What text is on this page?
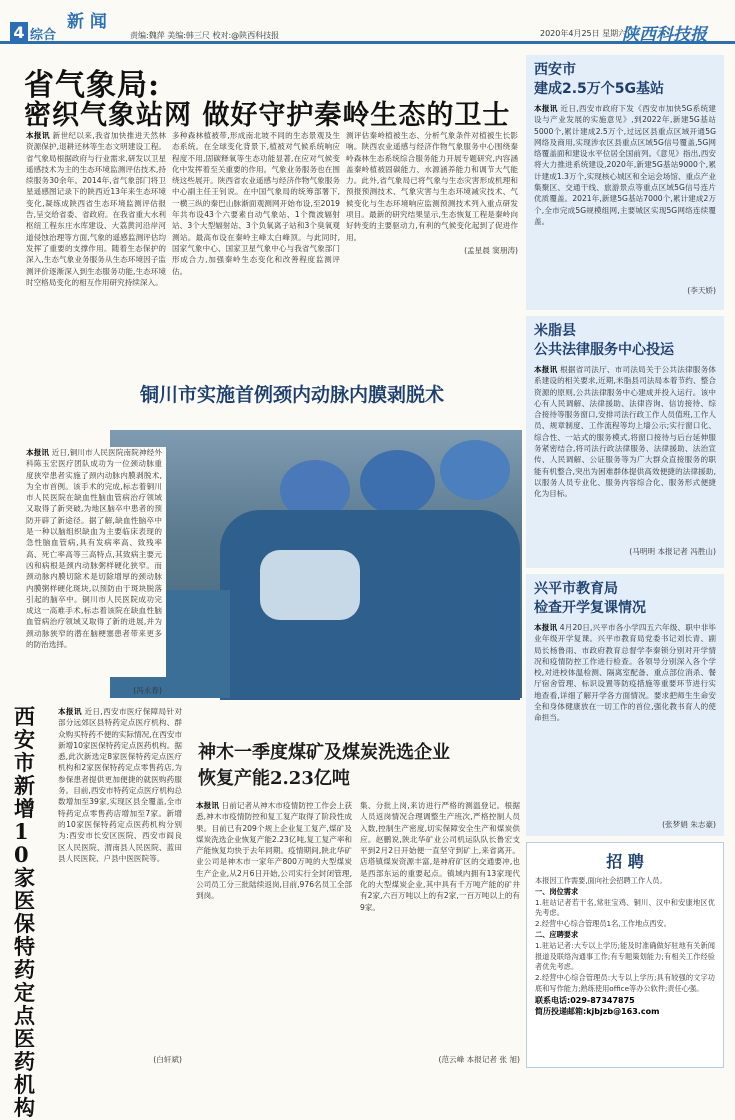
4 综合
新 闻
责编:魏萍 美编:韩三尺 校对:@陕西科技报	2020年4月25日 星期六
陕西科技报
省气象局:
密织气象站网 做好守护秦岭生态的卫士
本报讯 新世纪以来,我省加快推进天然林资源保护,退耕还林等生态文明建设工程。省气象局根据政府与行业需求,研发以卫星遥感技术为主的生态环境监测评估技术,持续服务30余年。2014年,省气象部门将卫星遥感图记录下的陕西近13年来生态环境变化,凝练成陕西省生态环境监测评估报告,呈交给省委、省政府。在我省重大水利枢纽工程东庄水库建设、大荔黄河沿岸河道侵蚀治理等方面,气象的遥感监测评估均发挥了重要的支撑作用。随着生态保护的深入,生态气象业务服务从生态环境因子监测评价逐渐深入到生态服务功能,生态环境时空格局变化的相互作用研究持续深入。
多种森林植被带,形成南北坡不同的生态景观及生态系统。在全球变化背景下,植被对气候系统响应程度不用,固碳释氧等生态功能显著,在应对气候变化中发挥着至关重要的作用。气象业务服务也在围绕这些展开。陕西省农业遥感与经济作物气象服务中心副主任王钊说。在中国气象局的统筹部署下,一横三纵的秦巴山脉渐面观测网开始布设,至2019年共布设43个六要素自动气象站、1个微波辐射站、3个大型辐射站、3个负氧离子站和3个臭氧观测站。最高布设在秦岭主峰太白峰顶。与此同时,国家气象中心、国家卫星气象中心与我省气象部门形成合力,加强秦岭生态变化和改善程度监测评估。
测评估秦岭植被生态、分析气象条件对植被生长影响。陕西农业遥感与经济作物气象服务中心围绕秦岭森林生态系统综合服务能力开展专题研究,内容涵盖秦岭植被固碳能力、水源涵养能力和调节大气能力。此外,省气象局已将气象与生态灾害形成机理和预报预测技术、气象灾害与生态环境减灾技术、气候变化与生态环境响应监测预测技术列入重点研发项目。最新的研究结果显示,生态恢复工程是秦岭向好转变的主要驱动力,有利的气候变化起到了促进作用。
(孟星晨 窦朋涛)
铜川市实施首例颈内动脉内膜剥脱术
本报讯 近日,铜川市人民医院南院神经外科陈玉宏医疗团队成功为一位颈动脉重度狭窄患者实施了颈内动脉内膜剥脱术,为全市首例。该手术的完成,标志着铜川市人民医院在缺血性脑血管病治疗领域又取得了新突破,为地区脑卒中患者的预防开辟了新途径。据了解,缺血性脑卒中是一种以脑组织缺血为主要临床表现的急性脑血管病,具有发病率高、致残率高、死亡率高等三高特点,其致病主要元凶和病根是颈内动脉粥样硬化狭窄。而颈动脉内膜切除术是切除增厚的颈动脉内膜粥样硬化斑块,以预防由于斑块脱落引起的脑卒中。铜川市人民医院成功完成这一高难手术,标志着该院在缺血性脑血管病治疗领域又取得了新的进展,并为颈动脉狭窄的潜在脑梗塞患者带来更多的防治选择。
(冯永春)
西安市新增10家医保特药定点医药机构
本报讯 近日,西安市医疗保障局针对部分远郊区县特药定点医疗机构、群众购买特药不便的实际情况,在西安市新增10家医保特药定点医药机构。据悉,此次新选定8家医保特药定点医疗机构和2家医保特药定点零售药店,为参保患者提供更加便捷的就医购药服务。目前,西安市特药定点医疗机构总数增加至39家,实现区县全覆盖,全市特药定点零售药店增加至7家。新增的10家医保特药定点医药机构分别为:西安市长安区医院、西安市阎良区人民医院、渭南县人民医院、蓝田县人民医院、户县中医医院等。
(白轩斌)
神木一季度煤矿及煤炭洗选企业
恢复产能2.23亿吨
本报讯 日前记者从神木市疫情防控工作会上获悉,神木市疫情防控和复工复产取得了阶段性成果。目前已有209个规上企业复工复产,煤矿及煤炭洗选企业恢复产能2.23亿吨,复工复产率和产能恢复均快于去年同期。疫情期间,陕北华矿业公司是神木市一家年产800万吨的大型煤炭生产企业,从2月6日开始,公司实行全封闭管理,公司员工分三批陆续返岗,目前,976名员工全部到岗。
集、分批上岗,来访进行严格的测温登记。根据人员返岗情况合理调整生产班次,严格控制人员入数,控制生产密度,切实保障安全生产和煤炭供应。赵鹏说,陕北华矿业公司机运队队长鲁宏支平到2月2日开始便一直坚守到矿上,来省离开。店塔镇煤炭资源丰富,是神府矿区的交通要冲,也是西部东运的重要起点。镇域内拥有13家现代化的大型煤炭企业,其中具有千万吨产能的矿井有2家,六百万吨以上的有2家,一百万吨以上的有9家。
(范云峰 本报记者 张 旭)
西安市
建成2.5万个5G基站
本报讯 近日,西安市政府下发《西安市加快5G系统建设与产业发展的实施意见》,到2022年,新建5G基站5000个,累计建成2.5万个,过远区县重点区域开通5G网络及商用,实现涉农区县重点区域5G信号覆盖,5G网络覆盖面和建设水平位居全国前列。《意见》指出,西安将大力推进系统建设,2020年,新建5G基站9000个,累计建成1.3万个,实现核心城区和全运会场馆、重点产业集聚区、交通干线、旅游景点等重点区域5G信号连片优质覆盖。2021年,新建5G基站7000个,累计建成2万个,全市完成5G规模组网,主要城区实现5G网络连续覆盖。
(李天娇)
米脂县
公共法律服务中心投运
本报讯 根据省司法厅、市司法局关于公共法律服务体系建设的相关要求,近期,米脂县司法局本着节约、整合资源的原则,公共法律服务中心建成并投入运行。该中心有人民调解、法律援助、法律咨询、信访接待、综合接待等服务窗口,安排司法行政工作人员值班,工作人员、规章制度、工作流程等均上墙公示;实行窗口化、综合性、一站式的服务模式,将窗口接待与后台延伸服务紧密结合,将司法行政法律服务、法律援助、法治宣传、人民调解、公证服务等为广大群众直接服务的职能有机整合,突出为困难群体提供高效便捷的法律援助,以服务人员专业化、服务内容综合化、服务形式便捷化为目标。
(马明明 本报记者 冯胜山)
兴平市教育局
检查开学复课情况
本报讯 4月20日,兴平市各小学四五六年级、职中非毕业年级开学复课。兴平市教育局党委书记刘长青、副局长杨鲁雨、市政府教育总督学李秦锁分别对开学情况和疫情防控工作进行检查。各领导分别深入各个学校,对进校体温检测、隔离室配备、重点部位消杀、餐厅宿舍管理、标识设置等防疫措施等重要环节进行实地查看,详细了解开学各方面情况。要求把师生生命安全和身体健康放在一切工作的首位,强化教书育人的使命担当。
(张梦娟 朱志豪)
招 聘
本报因工作需要,面向社会招聘工作人员。
一、岗位需求
1.驻站记者若干名,常驻宝鸡、铜川、汉中和安康地区优先考虑。
2.经营中心综合管理员1名,工作地点西安。
二、应聘要求
1.驻站记者:大专以上学历;能及时准确做好驻地有关新闻报道及联络沟通事工作;有专题策划能力;有相关工作经验者优先考虑。
2.经营中心综合管理员:大专以上学历;具有较强的文字功底和写作能力;熟练使用office等办公软件;责任心强。
联系电话:029-87347875
简历投递邮箱:kjbjzb@163.com
